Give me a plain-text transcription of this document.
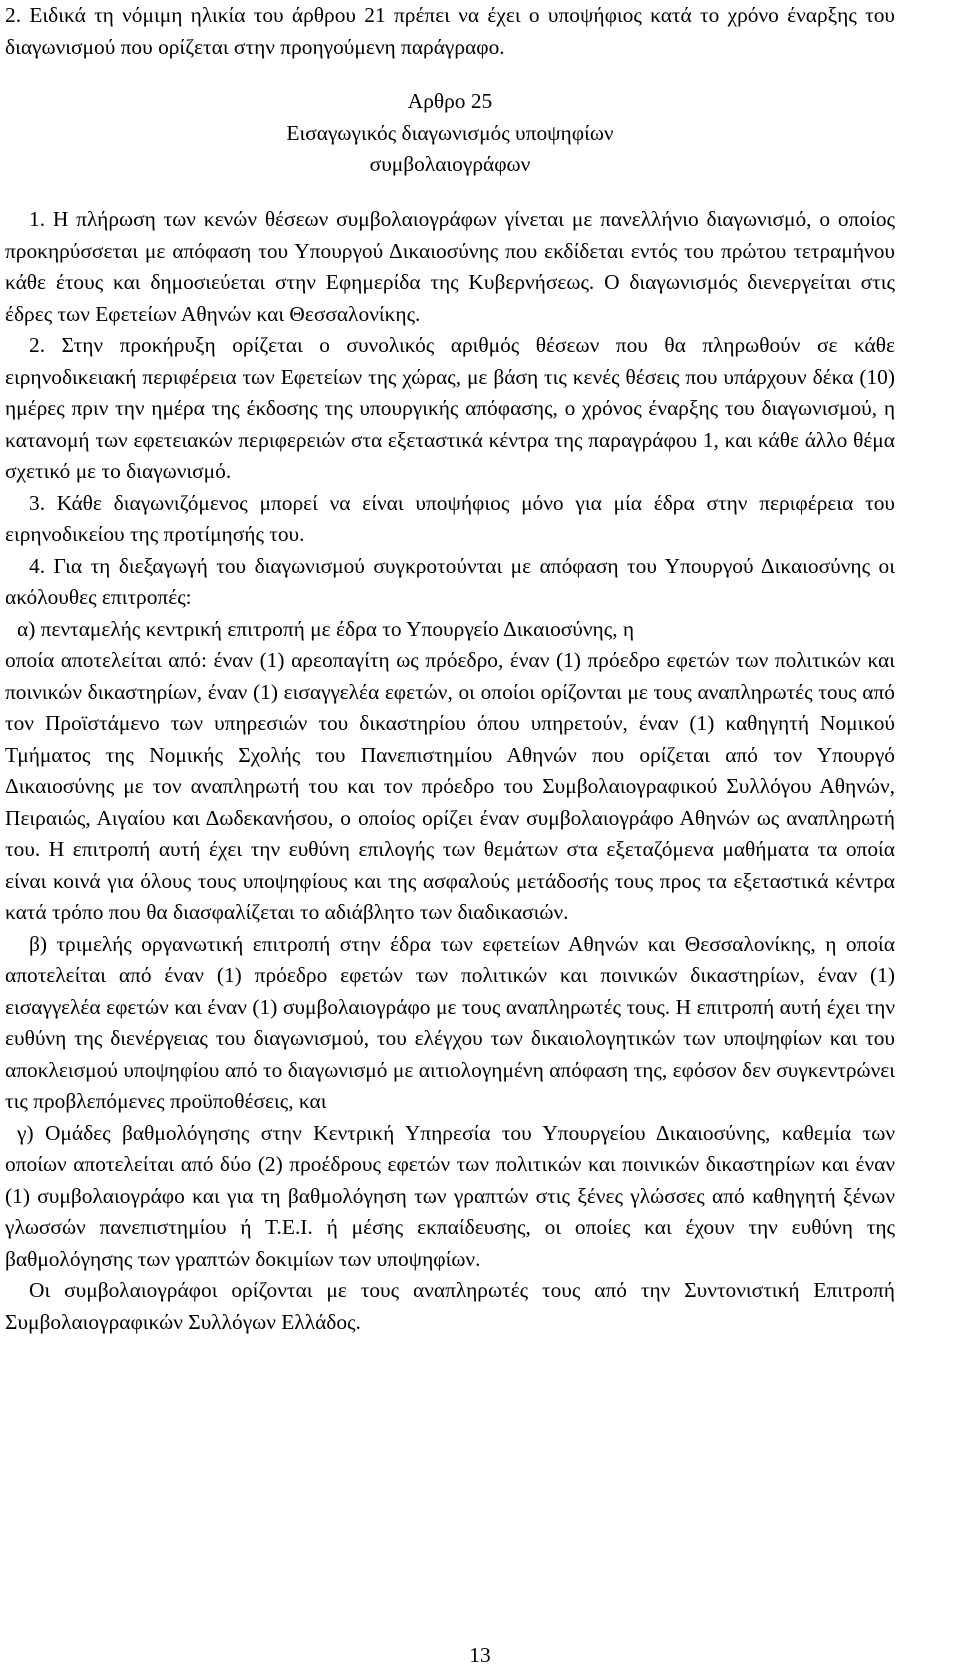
2. Ειδικά τη νόμιμη ηλικία του άρθρου 21 πρέπει να έχει ο υποψήφιος κατά το χρόνο έναρξης του διαγωνισμού που ορίζεται στην προηγούμενη παράγραφο.

Αρθρο 25
Εισαγωγικός διαγωνισμός υποψηφίων
συμβολαιογράφων

1. Η πλήρωση των κενών θέσεων συμβολαιογράφων γίνεται με πανελλήνιο διαγωνισμό, ο οποίος προκηρύσσεται με απόφαση του Υπουργού Δικαιοσύνης που εκδίδεται εντός του πρώτου τετραμήνου κάθε έτους και δημοσιεύεται στην Εφημερίδα της Κυβερνήσεως. Ο διαγωνισμός διενεργείται στις έδρες των Εφετείων Αθηνών και Θεσσαλονίκης.

2. Στην προκήρυξη ορίζεται ο συνολικός αριθμός θέσεων που θα πληρωθούν σε κάθε ειρηνοδικειακή περιφέρεια των Εφετείων της χώρας, με βάση τις κενές θέσεις που υπάρχουν δέκα (10) ημέρες πριν την ημέρα της έκδοσης της υπουργικής απόφασης, ο χρόνος έναρξης του διαγωνισμού, η κατανομή των εφετειακών περιφερειών στα εξεταστικά κέντρα της παραγράφου 1, και κάθε άλλο θέμα σχετικό με το διαγωνισμό.

3. Κάθε διαγωνιζόμενος μπορεί να είναι υποψήφιος μόνο για μία έδρα στην περιφέρεια του ειρηνοδικείου της προτίμησής του.

4. Για τη διεξαγωγή του διαγωνισμού συγκροτούνται με απόφαση του Υπουργού Δικαιοσύνης οι ακόλουθες επιτροπές:

α) πενταμελής κεντρική επιτροπή με έδρα το Υπουργείο Δικαιοσύνης, η

οποία αποτελείται από: έναν (1) αρεοπαγίτη ως πρόεδρο, έναν (1) πρόεδρο εφετών των πολιτικών και ποινικών δικαστηρίων, έναν (1) εισαγγελέα εφετών, οι οποίοι ορίζονται με τους αναπληρωτές τους από τον Προϊστάμενο των υπηρεσιών του δικαστηρίου όπου υπηρετούν, έναν (1) καθηγητή Νομικού Τμήματος της Νομικής Σχολής του Πανεπιστημίου Αθηνών που ορίζεται από τον Υπουργό Δικαιοσύνης με τον αναπληρωτή του και τον πρόεδρο του Συμβολαιογραφικού Συλλόγου Αθηνών, Πειραιώς, Αιγαίου και Δωδεκανήσου, ο οποίος ορίζει έναν συμβολαιογράφο Αθηνών ως αναπληρωτή του. Η επιτροπή αυτή έχει την ευθύνη επιλογής των θεμάτων στα εξεταζόμενα μαθήματα τα οποία είναι κοινά για όλους τους υποψηφίους και της ασφαλούς μετάδοσής τους προς τα εξεταστικά κέντρα κατά τρόπο που θα διασφαλίζεται το αδιάβλητο των διαδικασιών.

β) τριμελής οργανωτική επιτροπή στην έδρα των εφετείων Αθηνών και Θεσσαλονίκης, η οποία αποτελείται από έναν (1) πρόεδρο εφετών των πολιτικών και ποινικών δικαστηρίων, έναν (1) εισαγγελέα εφετών και έναν (1) συμβολαιογράφο με τους αναπληρωτές τους. Η επιτροπή αυτή έχει την ευθύνη της διενέργειας του διαγωνισμού, του ελέγχου των δικαιολογητικών των υποψηφίων και του αποκλεισμού υποψηφίου από το διαγωνισμό με αιτιολογημένη απόφαση της, εφόσον δεν συγκεντρώνει τις προβλεπόμενες προϋποθέσεις, και

γ) Ομάδες βαθμολόγησης στην Κεντρική Υπηρεσία του Υπουργείου Δικαιοσύνης, καθεμία των οποίων αποτελείται από δύο (2) προέδρους εφετών των πολιτικών και ποινικών δικαστηρίων και έναν (1) συμβολαιογράφο και για τη βαθμολόγηση των γραπτών στις ξένες γλώσσες από καθηγητή ξένων γλωσσών πανεπιστημίου ή Τ.Ε.Ι. ή μέσης εκπαίδευσης, οι οποίες και έχουν την ευθύνη της βαθμολόγησης των γραπτών δοκιμίων των υποψηφίων.

Οι συμβολαιογράφοι ορίζονται με τους αναπληρωτές τους από την Συντονιστική Επιτροπή Συμβολαιογραφικών Συλλόγων Ελλάδος.

13
